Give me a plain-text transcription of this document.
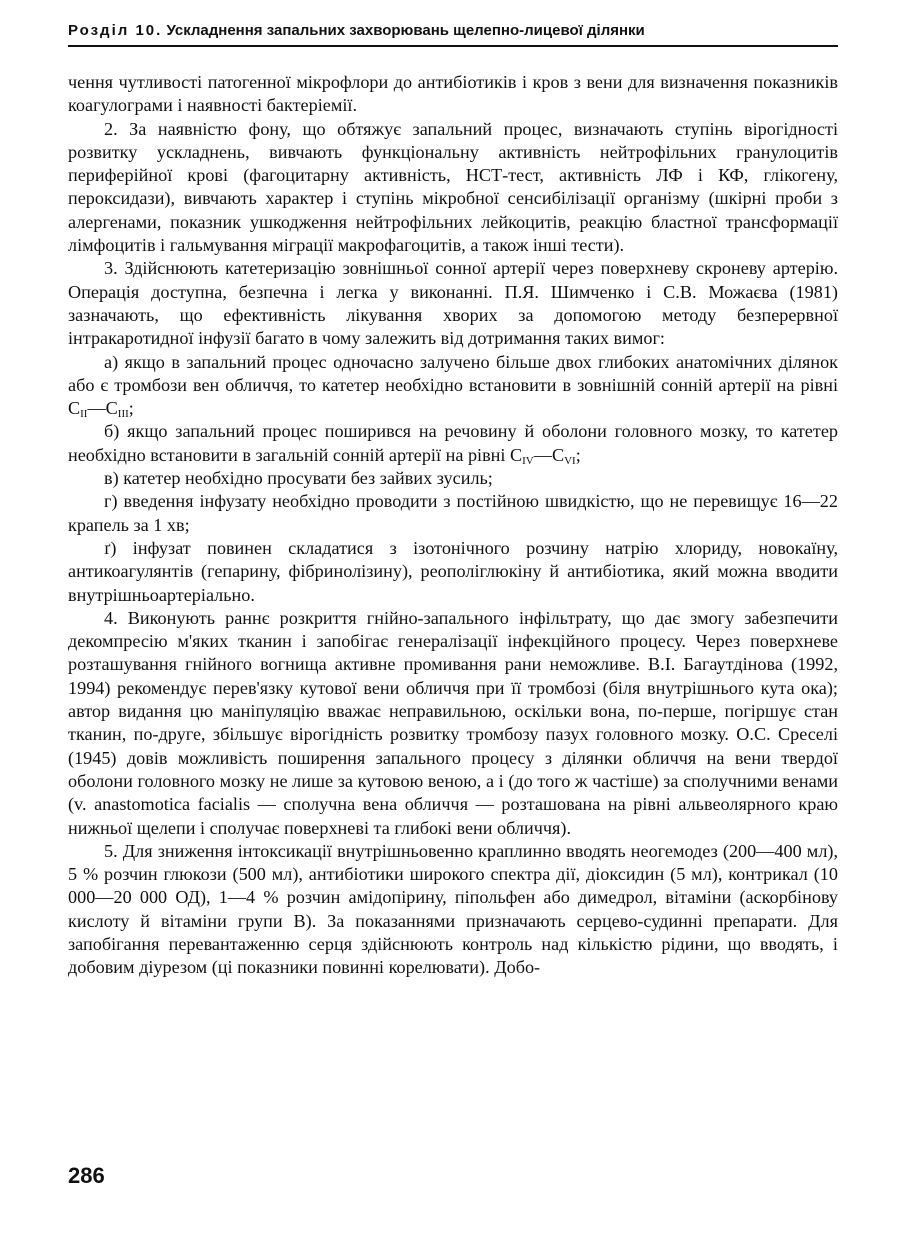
Розділ 10. Ускладнення запальних захворювань щелепно-лицевої ділянки

чення чутливості патогенної мікрофлори до антибіотиків і кров з вени для визначення показників коагулограми і наявності бактеріемії.

2. За наявністю фону, що обтяжує запальний процес, визначають ступінь вірогідності розвитку ускладнень, вивчають функціональну активність нейтрофільних гранулоцитів периферійної крові (фагоцитарну активність, НСТ-тест, активність ЛФ і КФ, глікогену, пероксидази), вивчають характер і ступінь мікробної сенсибілізації організму (шкірні проби з алергенами, показник ушкодження нейтрофільних лейкоцитів, реакцію бластної трансформації лімфоцитів і гальмування міграції макрофагоцитів, а також інші тести).

3. Здійснюють катетеризацію зовнішньої сонної артерії через поверхневу скроневу артерію. Операція доступна, безпечна і легка у виконанні. П.Я. Шимченко і С.В. Можаєва (1981) зазначають, що ефективність лікування хворих за допомогою методу безперервної інтракаротидної інфузії багато в чому залежить від дотримання таких вимог:

а) якщо в запальний процес одночасно залучено більше двох глибоких анатомічних ділянок або є тромбози вен обличчя, то катетер необхідно встановити в зовнішній сонній артерії на рівні $C_{II}—C_{III}$;

б) якщо запальний процес поширився на речовину й оболони головного мозку, то катетер необхідно встановити в загальній сонній артерії на рівні $C_{IV}—C_{VI}$;

в) катетер необхідно просувати без зайвих зусиль;

г) введення інфузату необхідно проводити з постійною швидкістю, що не перевищує 16—22 крапель за 1 хв;

ґ) інфузат повинен складатися з ізотонічного розчину натрію хлориду, новокаїну, антикоагулянтів (гепарину, фібринолізину), реополіглюкіну й антибіотика, який можна вводити внутрішньоартеріально.

4. Виконують раннє розкриття гнійно-запального інфільтрату, що дає змогу забезпечити декомпресію м'яких тканин і запобігає генералізації інфекційного процесу. Через поверхневе розташування гнійного вогнища активне промивання рани неможливе. В.І. Багаутдінова (1992, 1994) рекомендує перев'язку кутової вени обличчя при її тромбозі (біля внутрішнього кута ока); автор видання цю маніпуляцію вважає неправильною, оскільки вона, по-перше, погіршує стан тканин, по-друге, збільшує вірогідність розвитку тромбозу пазух головного мозку. О.С. Сресeлі (1945) довів можливість поширення запального процесу з ділянки обличчя на вени твердої оболони головного мозку не лише за кутовою веною, а і (до того ж частіше) за сполучними венами (v. anastomotica facialis — сполучна вена обличчя — розташована на рівні альвеолярного краю нижньої щелепи і сполучає поверхневі та глибокі вени обличчя).

5. Для зниження інтоксикації внутрішньовенно краплинно вводять неогемодез (200—400 мл), 5 % розчин глюкози (500 мл), антибіотики широкого спектра дії, діоксидин (5 мл), контрикал (10 000—20 000 ОД), 1—4 % розчин амідопірину, піпольфен або димедрол, вітаміни (аскорбінову кислоту й вітаміни групи В). За показаннями призначають серцево-судинні препарати. Для запобігання перевантаженню серця здійснюють контроль над кількістю рідини, що вводять, і добовим діурезом (ці показники повинні корелювати). Добо-

286
